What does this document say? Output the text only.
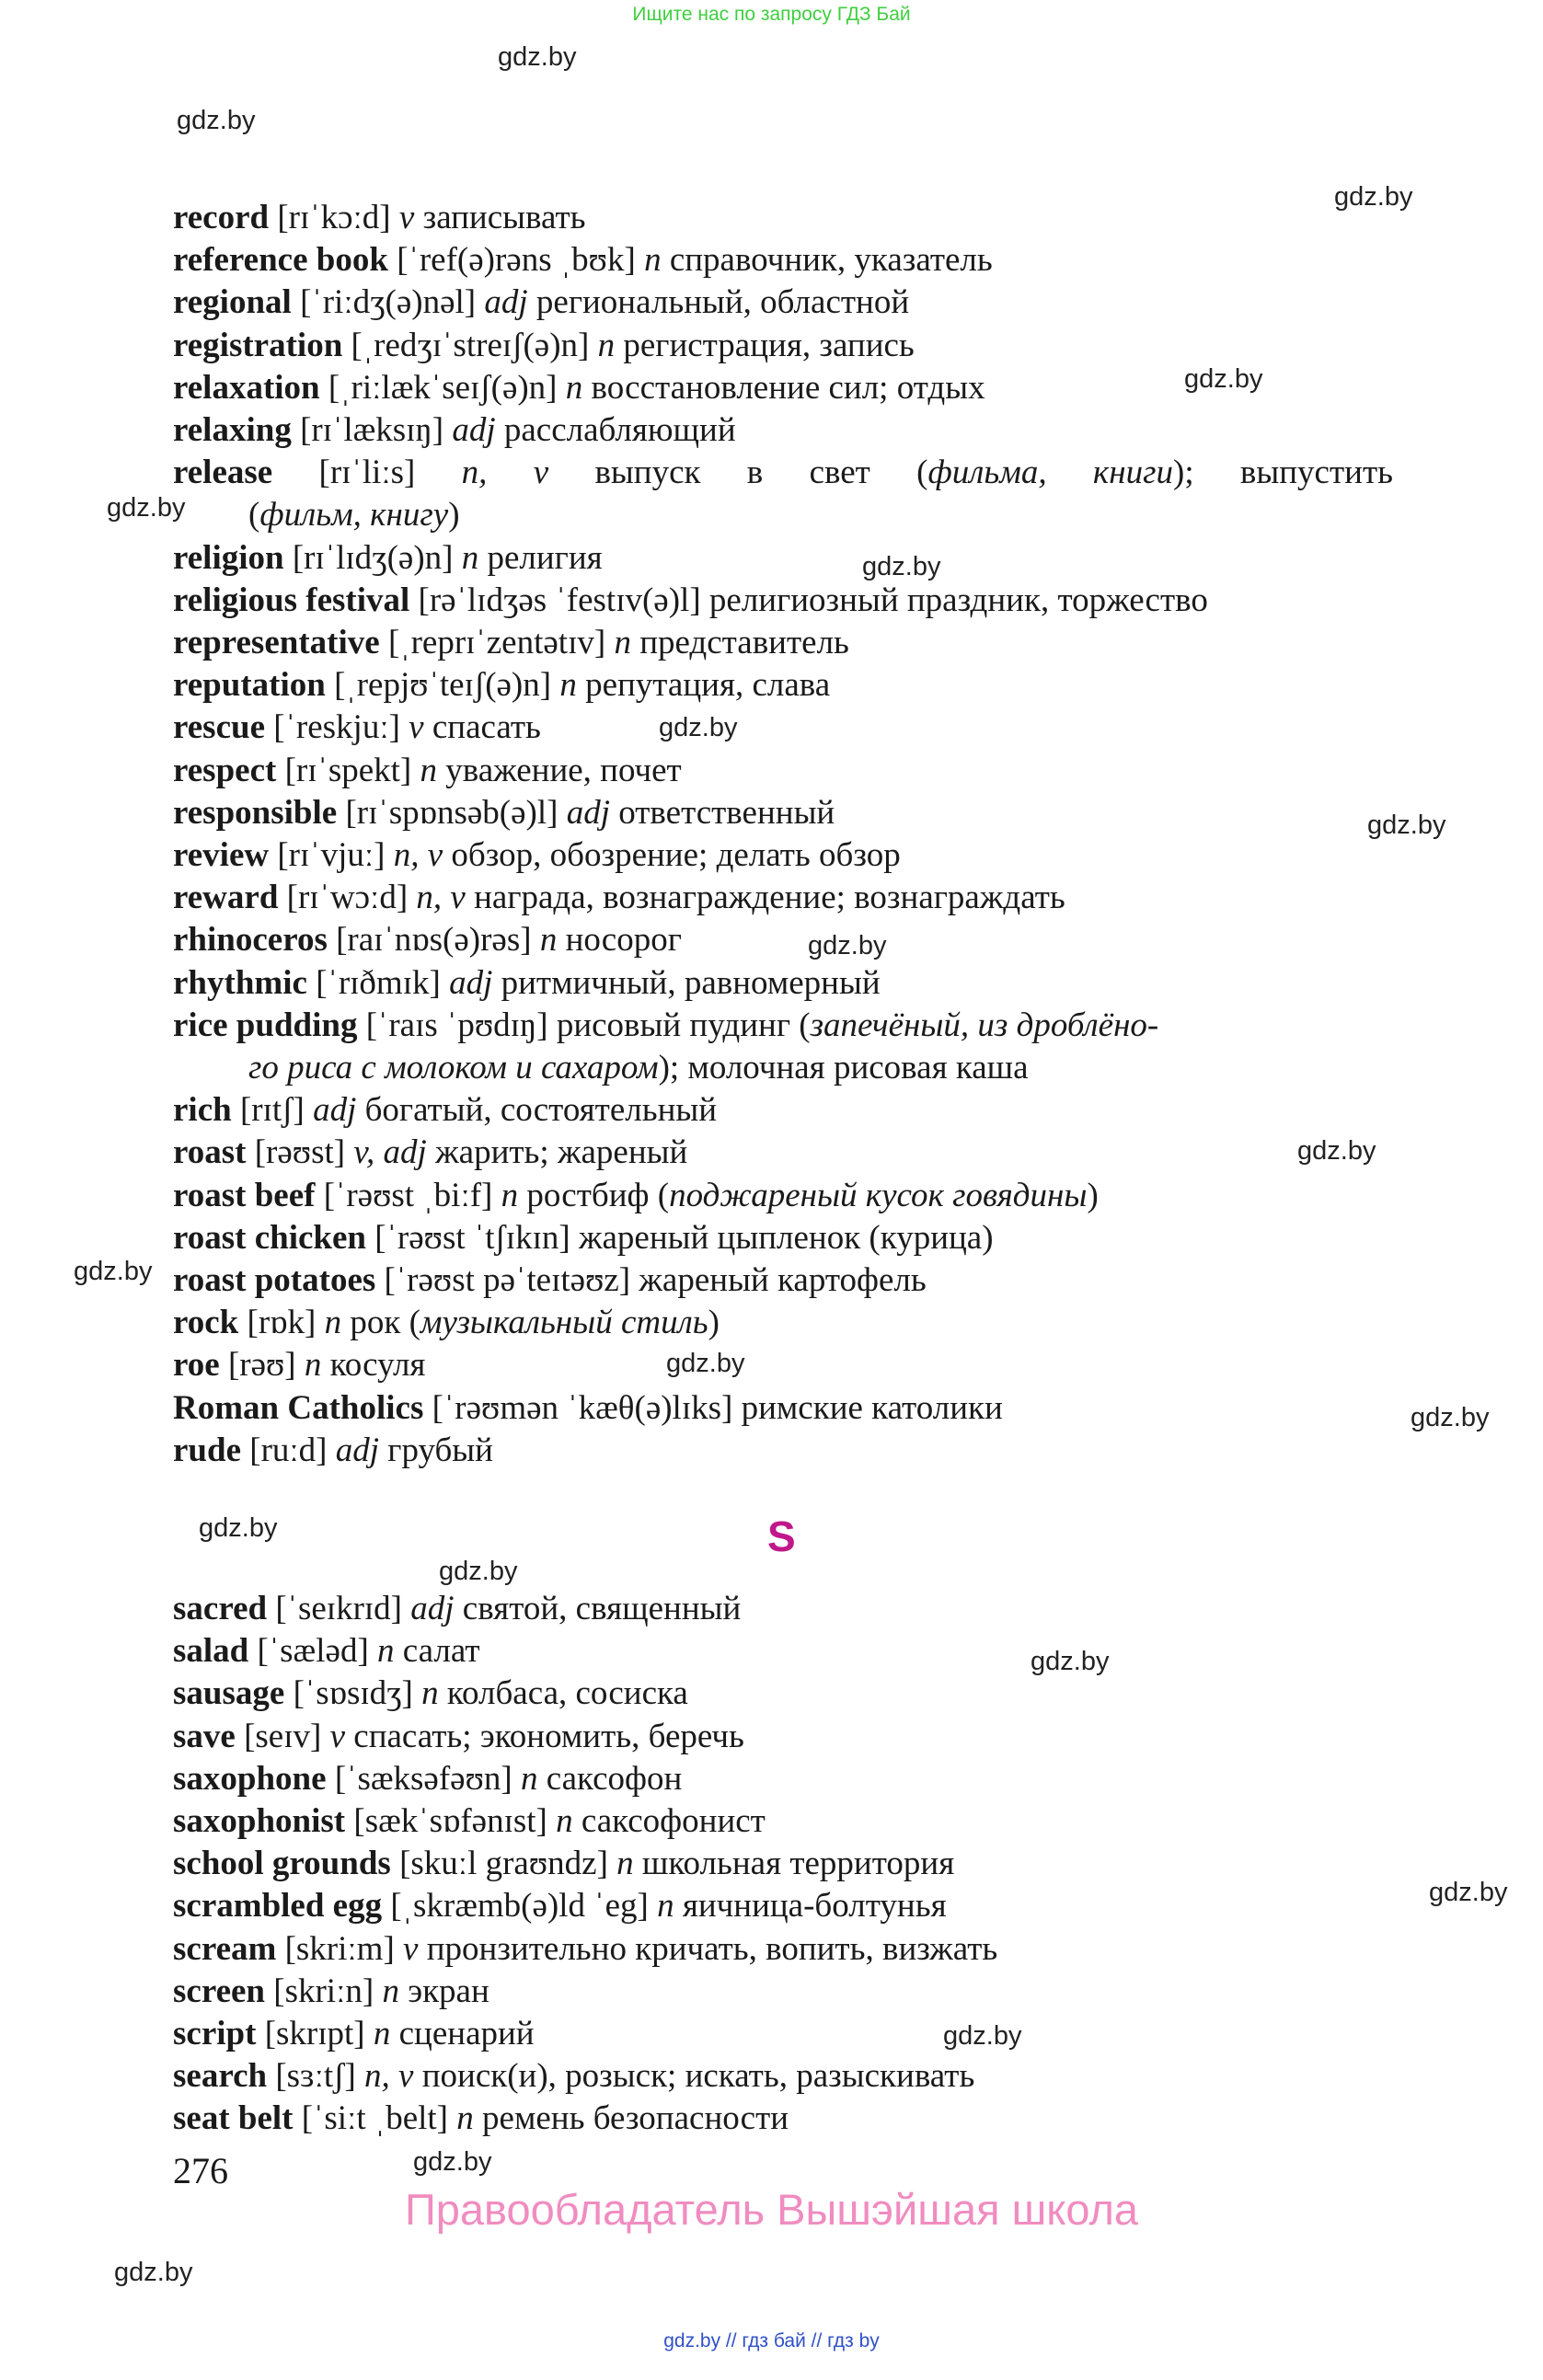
Ищите нас по запросу ГДЗ Бай
record [rɪˈkɔːd] v записывать
reference book [ˈref(ə)rəns ˌbʊk] n справочник, указатель
regional [ˈriːdʒ(ə)nəl] adj региональный, областной
registration [ˌredʒɪˈstreɪʃ(ə)n] n регистрация, запись
relaxation [ˌriːlækˈseɪʃ(ə)n] n восстановление сил; отдых
relaxing [rɪˈlæksɪŋ] adj расслабляющий
release [rɪˈliːs] n, v выпуск в свет (фильма, книги); выпустить
(фильм, книгу)
religion [rɪˈlɪdʒ(ə)n] n религия
religious festival [rəˈlɪdʒəs ˈfestɪv(ə)l] религиозный праздник, торжество
representative [ˌreprɪˈzentətɪv] n представитель
reputation [ˌrepjʊˈteɪʃ(ə)n] n репутация, слава
rescue [ˈreskjuː] v спасать
respect [rɪˈspekt] n уважение, почет
responsible [rɪˈspɒnsəb(ə)l] adj ответственный
review [rɪˈvjuː] n, v обзор, обозрение; делать обзор
reward [rɪˈwɔːd] n, v награда, вознаграждение; вознаграждать
rhinoceros [raɪˈnɒs(ə)rəs] n носорог
rhythmic [ˈrɪðmɪk] adj ритмичный, равномерный
rice pudding [ˈraɪs ˈpʊdɪŋ] рисовый пудинг (запечёный, из дроблёно-
го риса с молоком и сахаром); молочная рисовая каша
rich [rɪtʃ] adj богатый, состоятельный
roast [rəʊst] v, adj жарить; жареный
roast beef [ˈrəʊst ˌbiːf] n ростбиф (поджареный кусок говядины)
roast chicken [ˈrəʊst ˈtʃɪkɪn] жареный цыпленок (курица)
roast potatoes [ˈrəʊst pəˈteɪtəʊz] жареный картофель
rock [rɒk] n рок (музыкальный стиль)
roe [rəʊ] n косуля
Roman Catholics [ˈrəʊmən ˈkæθ(ə)lɪks] римские католики
rude [ruːd] adj грубый
S
sacred [ˈseɪkrɪd] adj святой, священный
salad [ˈsæləd] n салат
sausage [ˈsɒsɪdʒ] n колбаса, сосиска
save [seɪv] v спасать; экономить, беречь
saxophone [ˈsæksəfəʊn] n саксофон
saxophonist [sækˈsɒfənɪst] n саксофонист
school grounds [skuːl graʊndz] n школьная территория
scrambled egg [ˌskræmb(ə)ld ˈeg] n яичница-болтунья
scream [skriːm] v пронзительно кричать, вопить, визжать
screen [skriːn] n экран
script [skrɪpt] n сценарий
search [sɜːtʃ] n, v поиск(и), розыск; искать, разыскивать
seat belt [ˈsiːt ˌbelt] n ремень безопасности
276
Правообладатель Вышэйшая школа
gdz.by // гдз бай // гдз by
gdz.by
gdz.by
gdz.by
gdz.by
gdz.by
gdz.by
gdz.by
gdz.by
gdz.by
gdz.by
gdz.by
gdz.by
gdz.by
gdz.by
gdz.by
gdz.by
gdz.by
gdz.by
gdz.by
gdz.by
